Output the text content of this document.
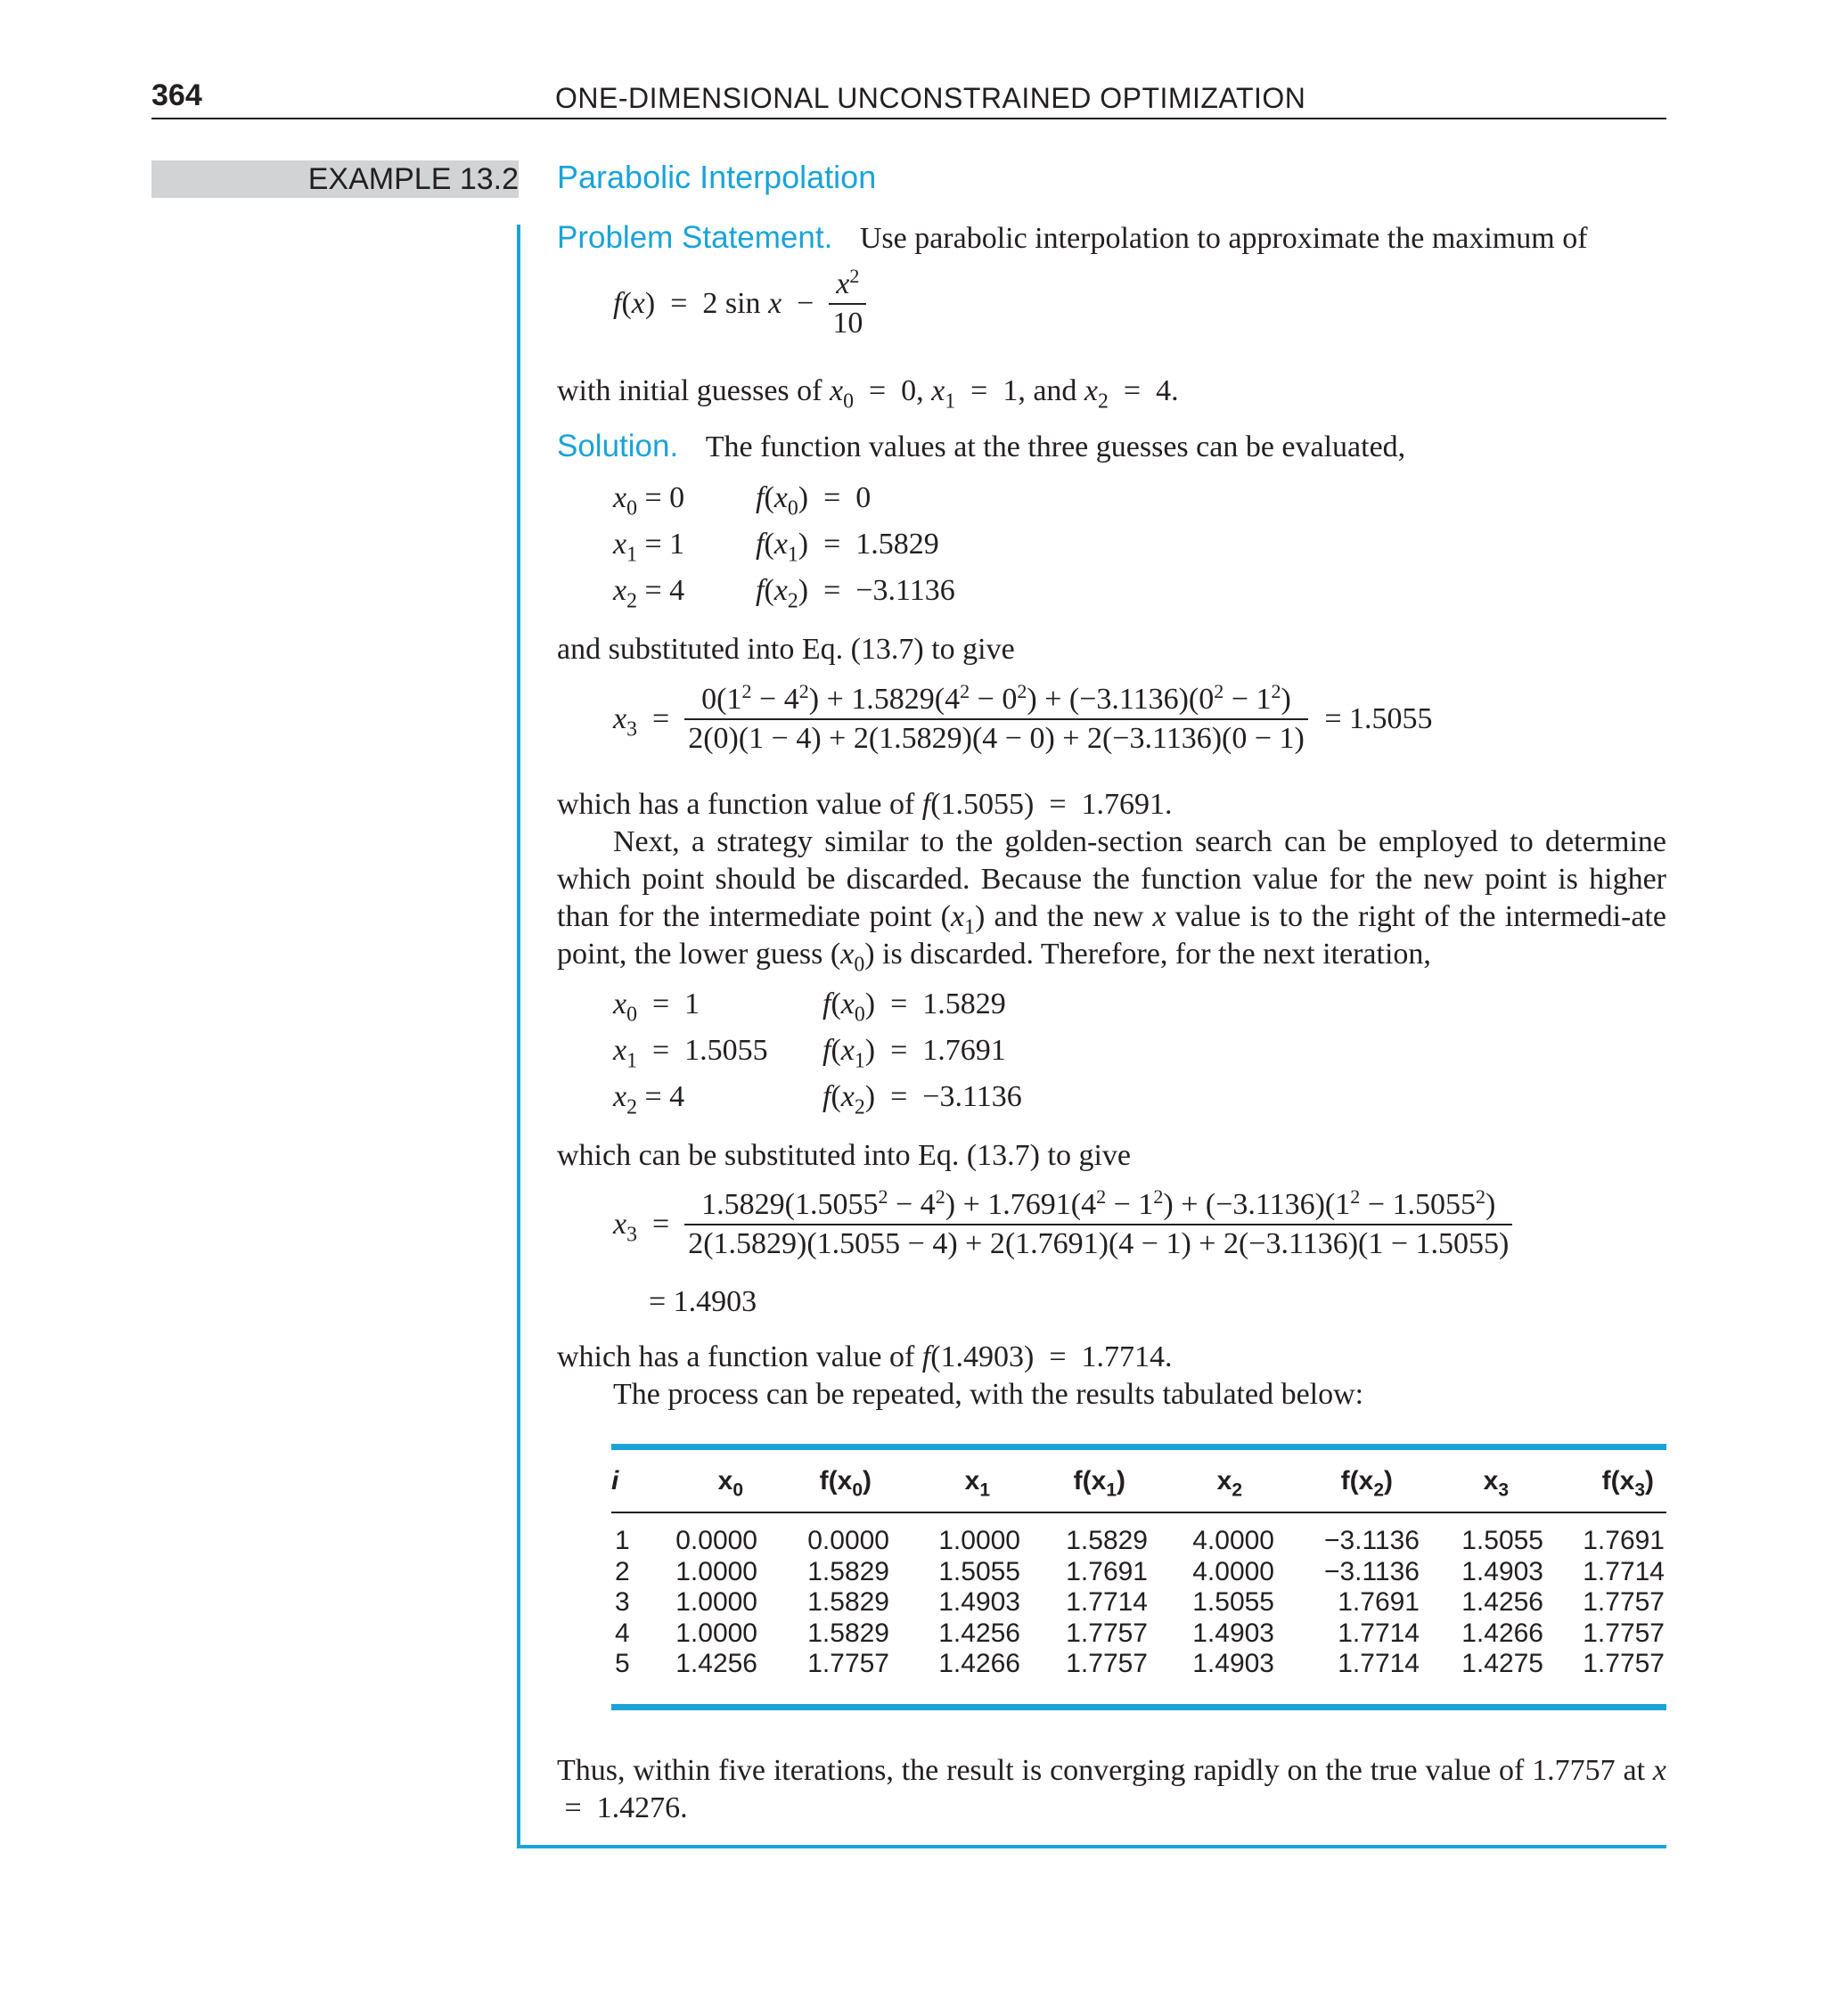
364	ONE-DIMENSIONAL UNCONSTRAINED OPTIMIZATION
EXAMPLE 13.2 Parabolic Interpolation
Problem Statement. Use parabolic interpolation to approximate the maximum of
f(x)  =  2 $\sin x - \frac{x^2}{10}$
with initial guesses of $x_0 = 0$, $x_1 = 1$, and $x_2 = 4$.
Solution. The function values at the three guesses can be evaluated,
$x_0 = 0$ $f(x_0) = 0$
$x_1 = 1$ $f(x_1) = 1.5829$
$x_2 = 4$ $f(x_2) = -3.1136$
and substituted into Eq. (13.7) to give
$x_3 = \frac{0(1^2 - 4^2) + 1.5829(4^2 - 0^2) + (-3.1136)(0^2 - 1^2)}{2(0)(1 - 4) + 2(1.5829)(4 - 0) + 2(-3.1136)(0 - 1)} = 1.5055$
which has a function value of f(1.5055)  =  1.7691.
Next, a strategy similar to the golden-section search can be employed to determine which point should be discarded. Because the function value for the new point is higher than for the intermediate point $(x_1)$ and the new x value is to the right of the intermedi-ate point, the lower guess $(x_0)$ is discarded. Therefore, for the next iteration,
$x_0 = 1$	$f(x_0) = 1.5829$
$x_1 = 1.5055$ $f(x_1) = 1.7691$
$x_2 = 4$	$f(x_2) = -3.1136$
which can be substituted into Eq. (13.7) to give
$x_3$  =
$1.5829(1.5055^2 - 4^2) + 1.7691(4^2 - 1^2) + (-3.1136)(1^2 - 1.5055^2)$
2(1.5829)(1.5055 − 4) + 2(1.7691)(4 − 1) + 2(−3.1136)(1 − 1.5055)
= 1.4903
which has a function value of f(1.4903)  =  1.7714.
The process can be repeated, with the results tabulated below:
i	$x_0$	$f(x_0)$	$x_1$	$f(x_1)$	$x_2$	$f(x_2)$	$x_3$	$f(x_3)$
1 0.0000 0.0000 1.0000 1.5829 4.0000 −3.1136 1.5055 1.7691
2 1.0000 1.5829 1.5055 1.7691 4.0000 −3.1136 1.4903 1.7714
3 1.0000 1.5829 1.4903 1.7714 1.5055 1.7691 1.4256 1.7757
4 1.0000 1.5829 1.4256 1.7757 1.4903 1.7714 1.4266 1.7757
5 1.4256 1.7757 1.4266 1.7757 1.4903 1.7714 1.4275 1.7757
Thus, within five iterations, the result is converging rapidly on the true value of 1.7757 at x  =  1.4276.
